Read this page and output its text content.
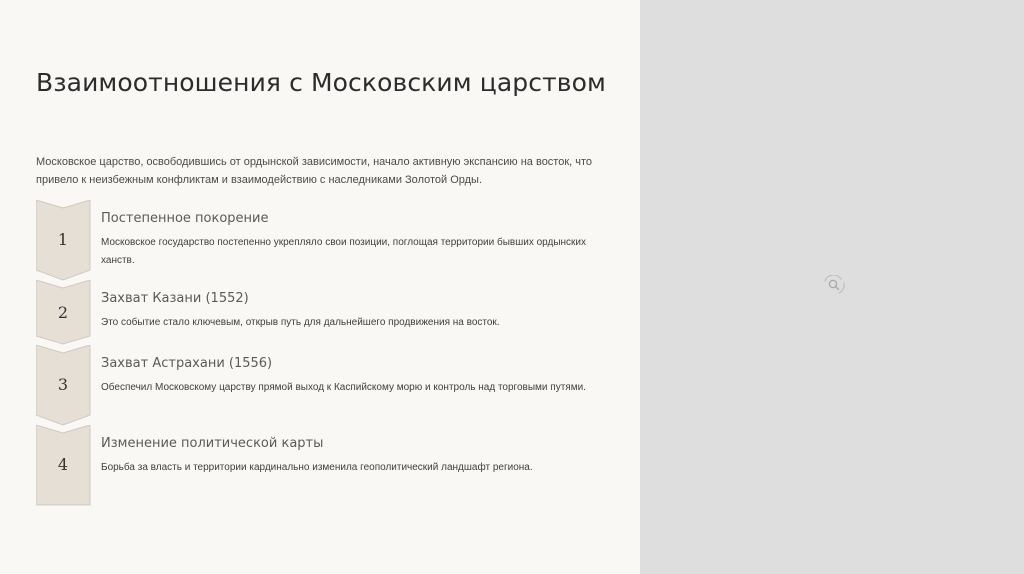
Взаимоотношения с Московским царством

Московское царство, освободившись от ордынской зависимости, начало активную экспансию на восток, что привело к неизбежным конфликтам и взаимодействию с наследниками Золотой Орды.

1
Постепенное покорение

Московское государство постепенно укрепляло свои позиции, поглощая территории бывших ордынских ханств.

2
Захват Казани (1552)

Это событие стало ключевым, открыв путь для дальнейшего продвижения на восток.

3
Захват Астрахани (1556)

Обеспечил Московскому царству прямой выход к Каспийскому морю и контроль над торговыми путями.

4
Изменение политической карты

Борьба за власть и территории кардинально изменила геополитический ландшафт региона.
